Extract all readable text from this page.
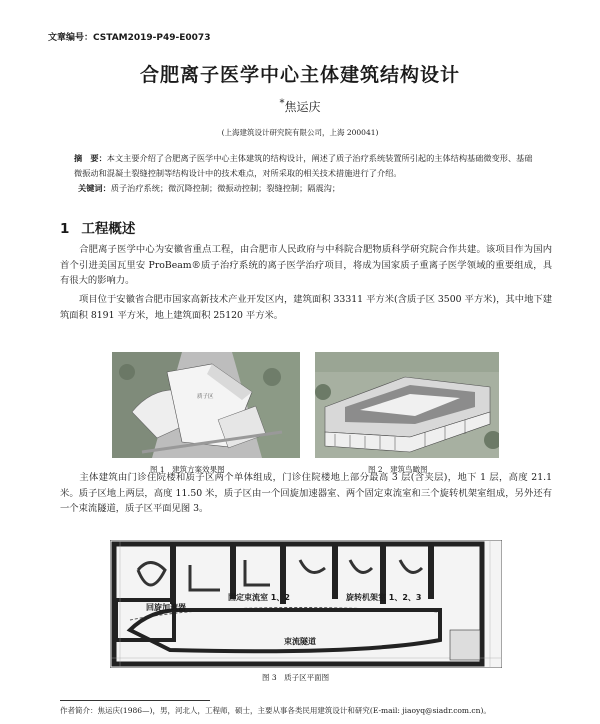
文章编号：CSTAM2019-P49-E0073
合肥离子医学中心主体建筑结构设计
*焦运庆
(上海建筑设计研究院有限公司，上海 200041)
摘　要：本文主要介绍了合肥离子医学中心主体建筑的结构设计，阐述了质子治疗系统装置所引起的主体结构基础微变形、基础微振动和混凝土裂缝控制等结构设计中的技术难点，对所采取的相关技术措施进行了介绍。
关键词：质子治疗系统；微沉降控制；微振动控制；裂缝控制；隔震沟；
1 工程概述
合肥离子医学中心为安徽省重点工程，由合肥市人民政府与中科院合肥物质科学研究院合作共建。该项目作为国内首个引进美国瓦里安 ProBeam®质子治疗系统的离子医学治疗项目，将成为国家质子重离子医学领域的重要组成，具有很大的影响力。
项目位于安徽省合肥市国家高新技术产业开发区内，建筑面积 33311 平方米(含质子区 3500 平方米)，其中地下建筑面积 8191 平方米，地上建筑面积 25120 平方米。
质子区
图 1　建筑方案效果图	图 2　建筑鸟瞰图
主体建筑由门诊住院楼和质子区两个单体组成，门诊住院楼地上部分最高 3 层(含夹层)，地下 1 层，高度 21.1 米。质子区地上两层，高度 11.50 米，质子区由一个回旋加速器室、两个固定束流室和三个旋转机架室组成，另外还有一个束流隧道，质子区平面见图 3。
回旋加速器
固定束流室 1、2	旋转机架室 1、2、3
束流隧道
图 3　质子区平面图
作者简介：焦运庆(1986—)，男，河北人，工程师，硕士，主要从事各类民用建筑设计和研究(E-mail: jiaoyq@siadr.com.cn)。
